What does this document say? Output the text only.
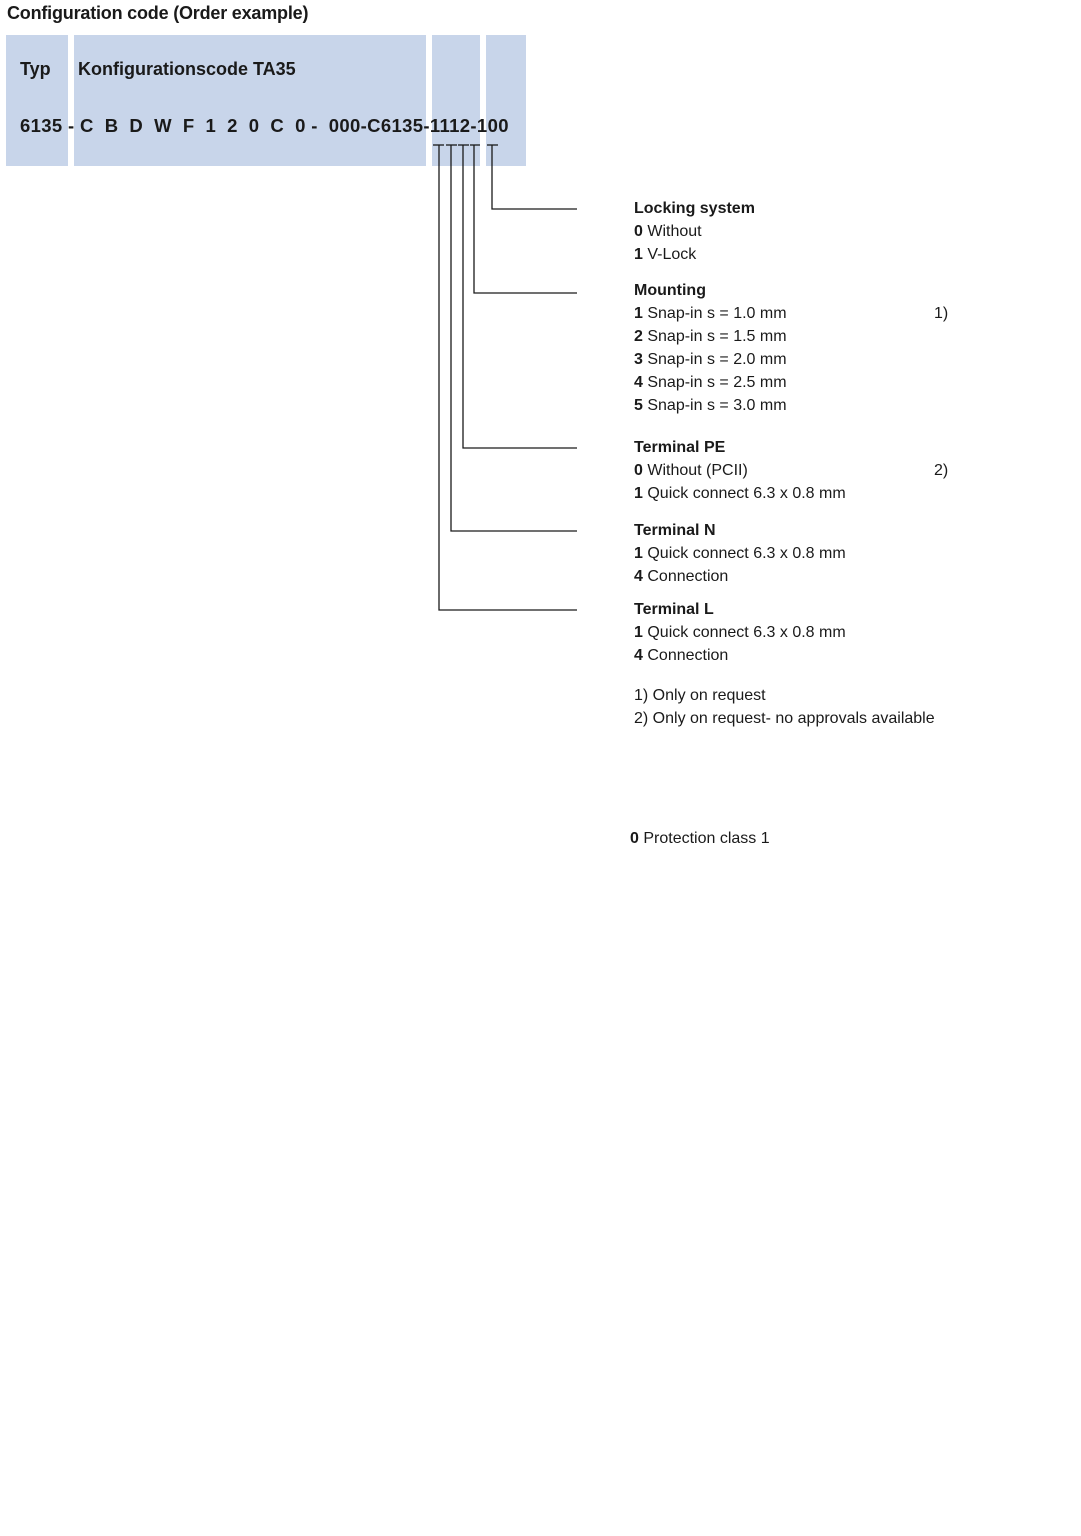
Configuration code (Order example)
Typ Konfigurationscode TA35
6135 - C  B  D  W  F  1  2  0  C  0 -  000-C6135-1112-100
Locking system
0 Without
1 V-Lock
Mounting
1 Snap-in s = 1.0 mm	1)
2 Snap-in s = 1.5 mm
3 Snap-in s = 2.0 mm
4 Snap-in s = 2.5 mm
5 Snap-in s = 3.0 mm
Terminal PE
0 Without (PCII)	2)
1 Quick connect 6.3 x 0.8 mm
Terminal N
1 Quick connect 6.3 x 0.8 mm
4 Connection
Terminal L
1 Quick connect 6.3 x 0.8 mm
4 Connection
1) Only on request
2) Only on request- no approvals available
0 Protection class 1
